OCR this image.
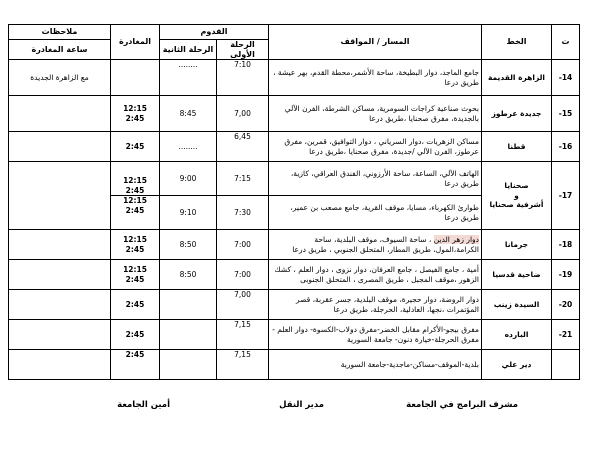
ت	الخط	المسار / المواقف	القدوم		المغادرة	ملاحظات
			الرحلة الأولى	الرحلة الثانية		ساعة المغادرة
14-	الزاهرة القديمة	جامع الماجد، دوار البطيخة، ساحة الأشمر،محطة القدم، بهر عيشة ، طريق درعا	7:10	........		مع الزاهرة الجديدة
15-	جديدة عرطوز	بحوث صناعية كراجات السومرية، مساكن الشرطة، الفرن الآلي بالجديدة، مفرق صحنايا ،طريق درعا	7,00	8:45	12:15
2:45	

16-	قطنا	مساكن الزهريات ،دوار السرياني ، دوار التوافيق، قمرين، مفرق عرطوز، الفرن الآلي /جديدة، مفرق صحنايا ،طريق درعا	6,45	........	2:45	
17-	صحنايا
و
أشرفية صحنايا	الهاتف الآلي، الساعة، ساحة الأرزوني، الفندق العراقي، كازية، طريق درعا	7:15	9:00	12:15
2:45	

		طوارئ الكهرباء، مسايا، موقف القرية، جامع مصعب بن عمير، طريق درعا	7:30	9:10	12:15
2:45	

18-	جرمانا	دوار زهر الدين ، ساحة السيوف، موقف البلدية، ساحة الكرامة،المول، طريق المطار، المتحلق الجنوبي ، طريق درعا	7:00	8:50	12:15
2:45	

19-	ضاحية قدسيا	أمية ، جامع الفيصل ، جامع العرفان، دوار نزوى ، دوار العلم ، كشك الزهور ،موقف المجبل ، طريق المصرى ، المتحلق الجنوبى	7:00	8:50	12:15
2:45	

20-	السيدة زينب	دوار الروضة، دوار حجيرة، موقف البلدية، جسر عقربة، قصر المؤتمرات ،نجها، العادلية، الحرجلة، طريق درعا	7,00		2:45	
21-	البارده	مفرق بيجو-الأكرام مقابل الخضر-مفرق دولاب-الكسوة- دوار العلم - مفرق الحرجلة-خيارة دنون- جامعة السورية	7,15		2:45	
	دير علي	بلدية-الموقف-مساكن-ماجدية-جامعة السورية	7,15		2:45	
مشرف البرامج في الجامعة
مدير النقل
أمين الجامعة
